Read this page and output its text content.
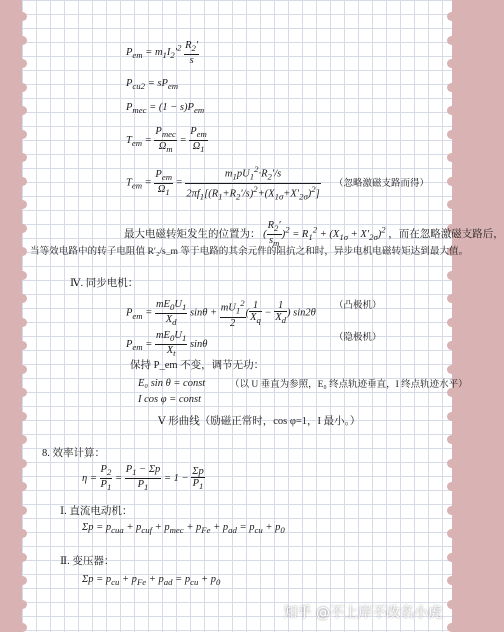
$P_{em} = m_1I_2'^2 \frac{R_2'}{s}$
$P_{cu2} = sP_{em}$
$P_{mec} = (1 - s)P_{em}$
$T_{em} = \frac{P_{mec}}{\Omega_m} = \frac{P_{em}}{\Omega_1}$
$T_{em} = \frac{P_{em}}{\Omega_1} = \frac{m_1pU_1^2\cdot R_2'/s}{2\pi f_1[(R_1+R_2'/s)^2+(X_{1\sigma}+X'_{2\sigma})^2]}$ （忽略激磁支路而得）
最大电磁转矩发生的位置为：
( $\frac{R_2'}{s_m} )^2 = R_1^2 + (X_{1\sigma} + X'_{2\sigma})^2$ ，而在忽略激磁支路后，
当等效电路中的转子电阻值 R′₂/s_m 等于电路的其余元件的阻抗之和时，异步电机电磁转矩达到最大值。
Ⅳ. 同步电机：
$P_{em} = \frac{mE_0U_1}{X_d}$ $\sin\theta + \frac{mU_1^2}{2}$ ( $\frac{1}{X_q} - \frac{1}{X_d}$ ) sin2θ
（凸极机）
$P_{em} = \frac{mE_0U_1}{X_t}$ sinθ
（隐极机）
保持 P_em 不变，调节无功：
E₀ sin θ = const	（以 U 垂直为参照，E₀ 终点轨迹垂直，I 终点轨迹水平）
I cos φ = const
Ⅴ 形曲线（励磁正常时，cos φ=1，I 最小。）
8. 效率计算：
$\eta = \frac{P_2}{P_1} = \frac{P_1 - \Sigma p}{P_1} = 1 - \frac{\Sigma p}{P_1}$
Ⅰ. 直流电动机：
$\Sigma p = p_{cua} + p_{cuf} + p_{mec} + p_{Fe} + p_{ad} = p_{cu} + p_0$
Ⅱ. 变压器：
$\Sigma p = p_{cu} + p_{Fe} + p_{ad} = p_{cu} + p_0$
知乎 @不上岸不改名小虎
